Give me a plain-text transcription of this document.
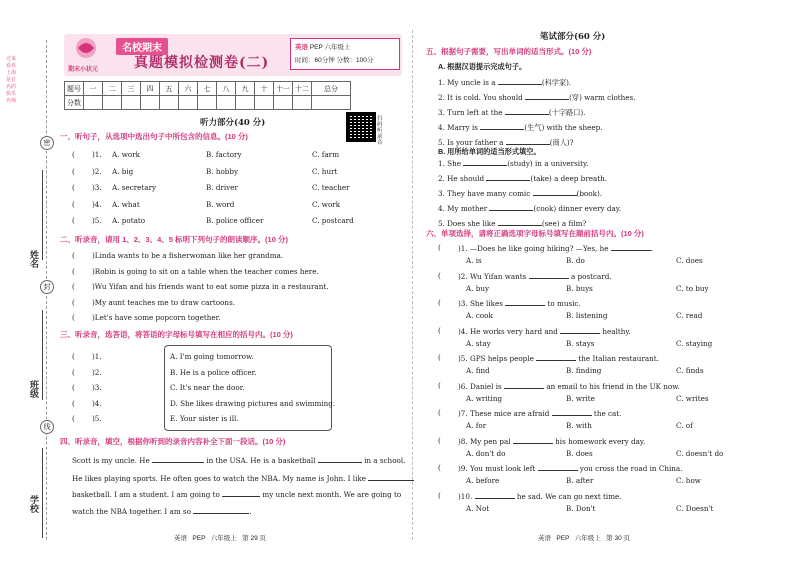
过来看看 上海是有名的快乐 名师
密
封
线
姓名
班级
学校
期末小状元
名校期末
真题模拟检测卷(二)
英语 PEP 六年级上
时间：60分钟 分数：100分
题号	一	二	三	四	五	六	七	八	九	十	十一	十二	总分
分数													
听力部分(40 分)	扫码听录音
一、听句子，从选项中选出句子中所包含的信息。(10 分)
( )1. A. work	B. factory	C. farm
( )2. A. big	B. hobby	C. hurt
( )3. A. secretary	B. driver	C. teacher
( )4. A. what	B. word	C. work
( )5. A. potato	B. police officer	C. postcard
二、听录音，请用 1、2、3、4、5 标明下列句子的朗读顺序。(10 分)
( )Linda wants to be a fisherwoman like her grandma.
( )Robin is going to sit on a table when the teacher comes here.
( )Wu Yifan and his friends want to eat some pizza in a restaurant.
( )My aunt teaches me to draw cartoons.
( )Let's have some popcorn together.
三、听录音，选答语，将答语的字母标号填写在相应的括号内。(10 分)
( )1.	A. I'm going tomorrow.
( )2.	B. He is a police officer.
( )3.	C. It's near the door.
( )4.	D. She likes drawing pictures and swimming.
( )5.	E. Your sister is ill.
四、听录音，填空，根据你听到的录音内容补全下面一段话。(10 分)
Scott is my uncle. He	in the USA. He is a basketball	in a school.
He likes playing sports. He often goes to watch the NBA. My name is John. I like
basketball. I am a student. I am going to	my uncle next month. We are going to
watch the NBA together. I am so	.
英语   PEP   六年级上   第 29 页
笔试部分(60 分)
五、根据句子需要，写出单词的适当形式。(10 分)
A. 根据汉语提示完成句子。
1. My uncle is a	(科学家).
2. It is cold. You should	(穿) warm clothes.
3. Turn left at the	(十字路口).
4. Marry is	(生气) with the sheep.
5. Is your father a	(商人)?
B. 用所给单词的适当形式填空。
1. She	(study) in a university.
2. He should	(take) a deep breath.
3. They have many comic	(book).
4. My mother	(cook) dinner every day.
5. Does she like	(see) a film?
六、单项选择，请将正确选项字母标号填写在题前括号内。(10 分)
( )1. —Does he like going hiking? —Yes, he	.
A. is	B. do	C. does
( )2. Wu Yifan wants	a postcard.
A. buy	B. buys	C. to buy
( )3. She likes	to music.
A. cook	B. listening	C. read
( )4. He works very hard and	healthy.
A. stay	B. stays	C. staying
( )5. GPS helps people	the Italian restaurant.
A. find	B. finding	C. finds
( )6. Daniel is	an email to his friend in the UK now.
A. writing	B. write	C. writes
( )7. These mice are afraid	the cat.
A. for	B. with	C. of
( )8. My pen pal	his homework every day.
A. don't do	B. does	C. doesn't do
( )9. You must look left	you cross the road in China.
A. before	B. after	C. how
( )10.	he sad. We can go next time.
A. Not	B. Don't	C. Doesn't
英语   PEP   六年级上   第 30 页
